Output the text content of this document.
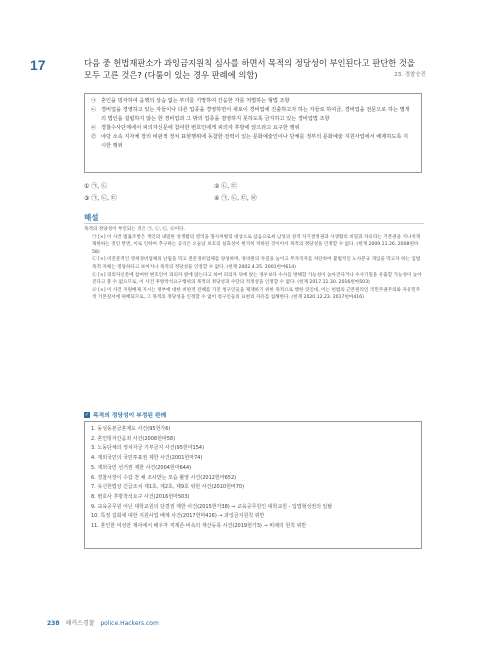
17	다음 중 헌법재판소가 과잉금지원칙 심사를 하면서 목적의 정당성이 부인된다고 판단한 것을 모두 고른 것은? (다툼이 있는 경우 판례에 의함)	23. 경찰승진
㉠ 혼인을 빙자하여 음행의 상습 없는 부녀를 기망하여 간음한 자를 처벌하는 형법 조항
㉡ 경비업을 경영하고 있는 자들이나 다른 업종을 경영하면서 새로이 경비업에 진출하고자 하는 자들로 하여금, 경비업을 전문으로 하는 별개의 법인을 설립하지 않는 한 경비업과 그 밖의 업종을 겸영하지 못하도록 금지하고 있는 경비업법 조항
㉢ 경찰수사단계에서 피의자신문에 참여한 변호인에게 피의자 후방에 앉으라고 요구한 행위
㉣ 야당 소속 지자체 장의 비판적 정치 표현행위에 동참한 전력이 있는 문화예술인이나 단체를 정부의 문화예술 지원사업에서 배제하도록 지시한 행위
① ㉠, ㉡	② ㉡, ㉢
③ ㉠, ㉡, ㉢	④ ㉠, ㉡, ㉢, ㉣
해설

목적의 정당성이 부인되는 것은 ㉠, ㉡, ㉢, ㉣이다.

㉠ [×] 이 사건 법률조항은 개인의 내밀한 성생활의 영역을 형사처벌의 대상으로 삼음으로써 남성의 성적 자기결정권과 사생활의 비밀과 자유라는 기본권을 지나치게 제한하는 것인 반면, 이로 인하여 추구하는 공익은 오늘날 보호의 실효성이 현격히 저하된 것이어서 목적의 정당성을 인정할 수 없다. (헌재 2009.11.26. 2008헌바58)

㉡ [×] 비전문적인 영세경비업체의 난립을 막고 전문경비업체를 양성하며, 경비원의 자질을 높이고 무자격자를 차단하여 불법적인 노사분규 개입을 막고자 하는 입법목적 자체는 정당하다고 보여지나 목적의 정당성을 인정할 수 없다. (헌재 2002.4.25. 2001헌마614)

㉢ [×] 피의자신문에 참여한 변호인이 피의자 옆에 앉는다고 하여 피의자 뒤에 앉는 경우보다 수사를 방해할 가능성이 높아진다거나 수사기밀을 유출할 가능성이 높아진다고 볼 수 없으므로, 이 사건 후방착석요구행위의 목적의 정당성과 수단의 적정성을 인정할 수 없다. (헌재 2017.11.30. 2016헌마503)

㉣ [×] 이 사건 지원배제 지시는 정부에 대한 비판적 견해를 가진 청구인들을 제재하기 위한 목적으로 행한 것인데, 이는 헌법의 근본원리인 국민주권주의와 자유민주적 기본질서에 위배되므로, 그 목적의 정당성을 인정할 수 없어 청구인들의 표현의 자유를 침해한다. (헌재 2020.12.23. 2017헌마416)

✓ 목적의 정당성이 부정된 판례
1. 동성동본금혼제도 사건(95헌가6)
2. 혼인빙자간음죄 사건(2008헌바58)
3. 노동단체의 정치자금 기부금지 사건(95헌마154)
4. 재외국민의 국민투표권 제한 사건(2001헌마74)
5. 재외국민 선거권 제한 사건(2004헌마644)
6. 경찰서장이 수갑 찬 채 조사받는 모습 촬영 사건(2012헌마652)
7. 유신헌법상 긴급조치 제1호, 제2호, 제9호 위헌 사건(2010헌바70)
8. 변호사 후방착석요구 사건(2016헌마503)
9. 교육공무원 아닌 대학교원의 단결권 제한 사건(2015헌가38) ⇒ 교육공무원인 대학교원 - 입법형성권의 일탈
10. 특정 집회에 대한 지원사업 배제 사건(2017헌마416) → 과잉금지원칙 위반
11. 혼인한 여성만 제사에서 배우자 직계존·비속의 재산등록 사건(2019헌가3) → 비례의 원칙 위반
238 해커스경찰 police.Hackers.com
